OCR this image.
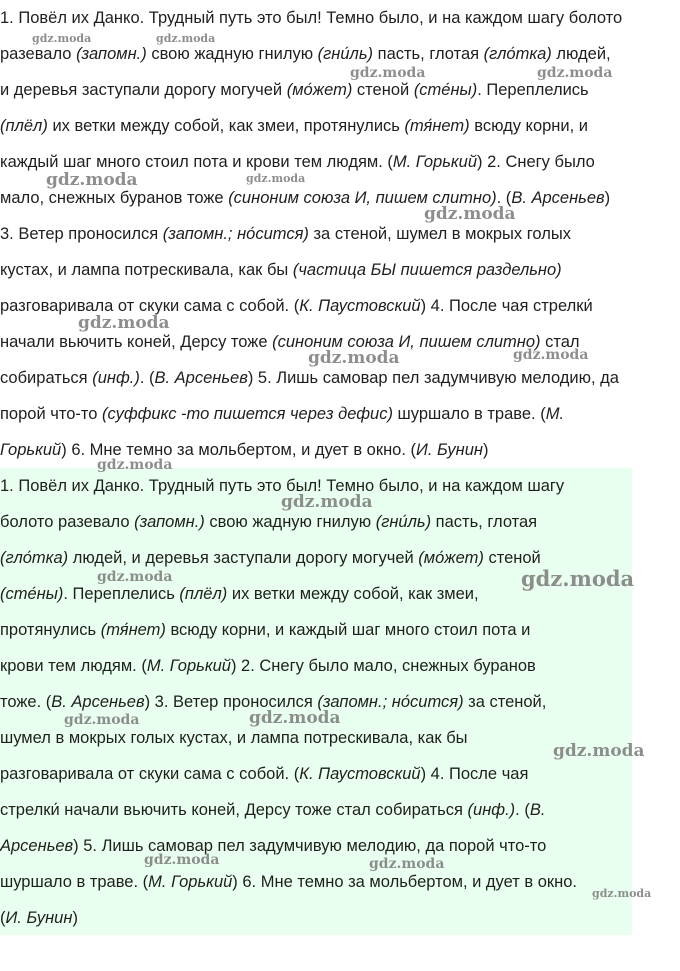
1. Повёл их Данко. Трудный путь это был! Темно было, и на каждом шагу болото
разевало (запомн.) свою жадную гнилую (гни́ль) пасть, глотая (гло́тка) людей,
и деревья заступали дорогу могучей (мо́жет) стеной (сте́ны). Переплелись
(плёл) их ветки между собой, как змеи, протянулись (тя́нет) всюду корни, и
каждый шаг много стоил пота и крови тем людям. (М. Горький) 2. Снегу было
мало, снежных буранов тоже (синоним союза И, пишем слитно). (В. Арсеньев)
3. Ветер проносился (запомн.; но́сится) за стеной, шумел в мокрых голых
кустах, и лампа потрескивала, как бы (частица БЫ пишется раздельно)
разговаривала от скуки сама с собой. (К. Паустовский) 4. После чая стрелки́
начали вьючить коней, Дерсу тоже (синоним союза И, пишем слитно) стал
собираться (инф.). (В. Арсеньев) 5. Лишь самовар пел задумчивую мелодию, да
порой что-то (суффикс -то пишется через дефис) шуршало в траве. (М.
Горький) 6. Мне темно за мольбертом, и дует в окно. (И. Бунин)
1. Повёл их Данко. Трудный путь это был! Темно было, и на каждом шагу
болото разевало (запомн.) свою жадную гнилую (гни́ль) пасть, глотая
(гло́тка) людей, и деревья заступали дорогу могучей (мо́жет) стеной
(сте́ны). Переплелись (плёл) их ветки между собой, как змеи,
протянулись (тя́нет) всюду корни, и каждый шаг много стоил пота и
крови тем людям. (М. Горький) 2. Снегу было мало, снежных буранов
тоже. (В. Арсеньев) 3. Ветер проносился (запомн.; но́сится) за стеной,
шумел в мокрых голых кустах, и лампа потрескивала, как бы
разговаривала от скуки сама с собой. (К. Паустовский) 4. После чая
стрелки́ начали вьючить коней, Дерсу тоже стал собираться (инф.). (В.
Арсеньев) 5. Лишь самовар пел задумчивую мелодию, да порой что-то
шуршало в траве. (М. Горький) 6. Мне темно за мольбертом, и дует в окно.
(И. Бунин)
gdz.moda	gdz.moda
gdz.moda	gdz.moda
gdz.moda	gdz.moda
gdz.moda
gdz.moda
gdz.moda	gdz.moda
gdz.moda
gdz.moda
gdz.moda	gdz.moda
gdz.moda	gdz.moda
gdz.moda
gdz.moda	gdz.moda
gdz.moda
